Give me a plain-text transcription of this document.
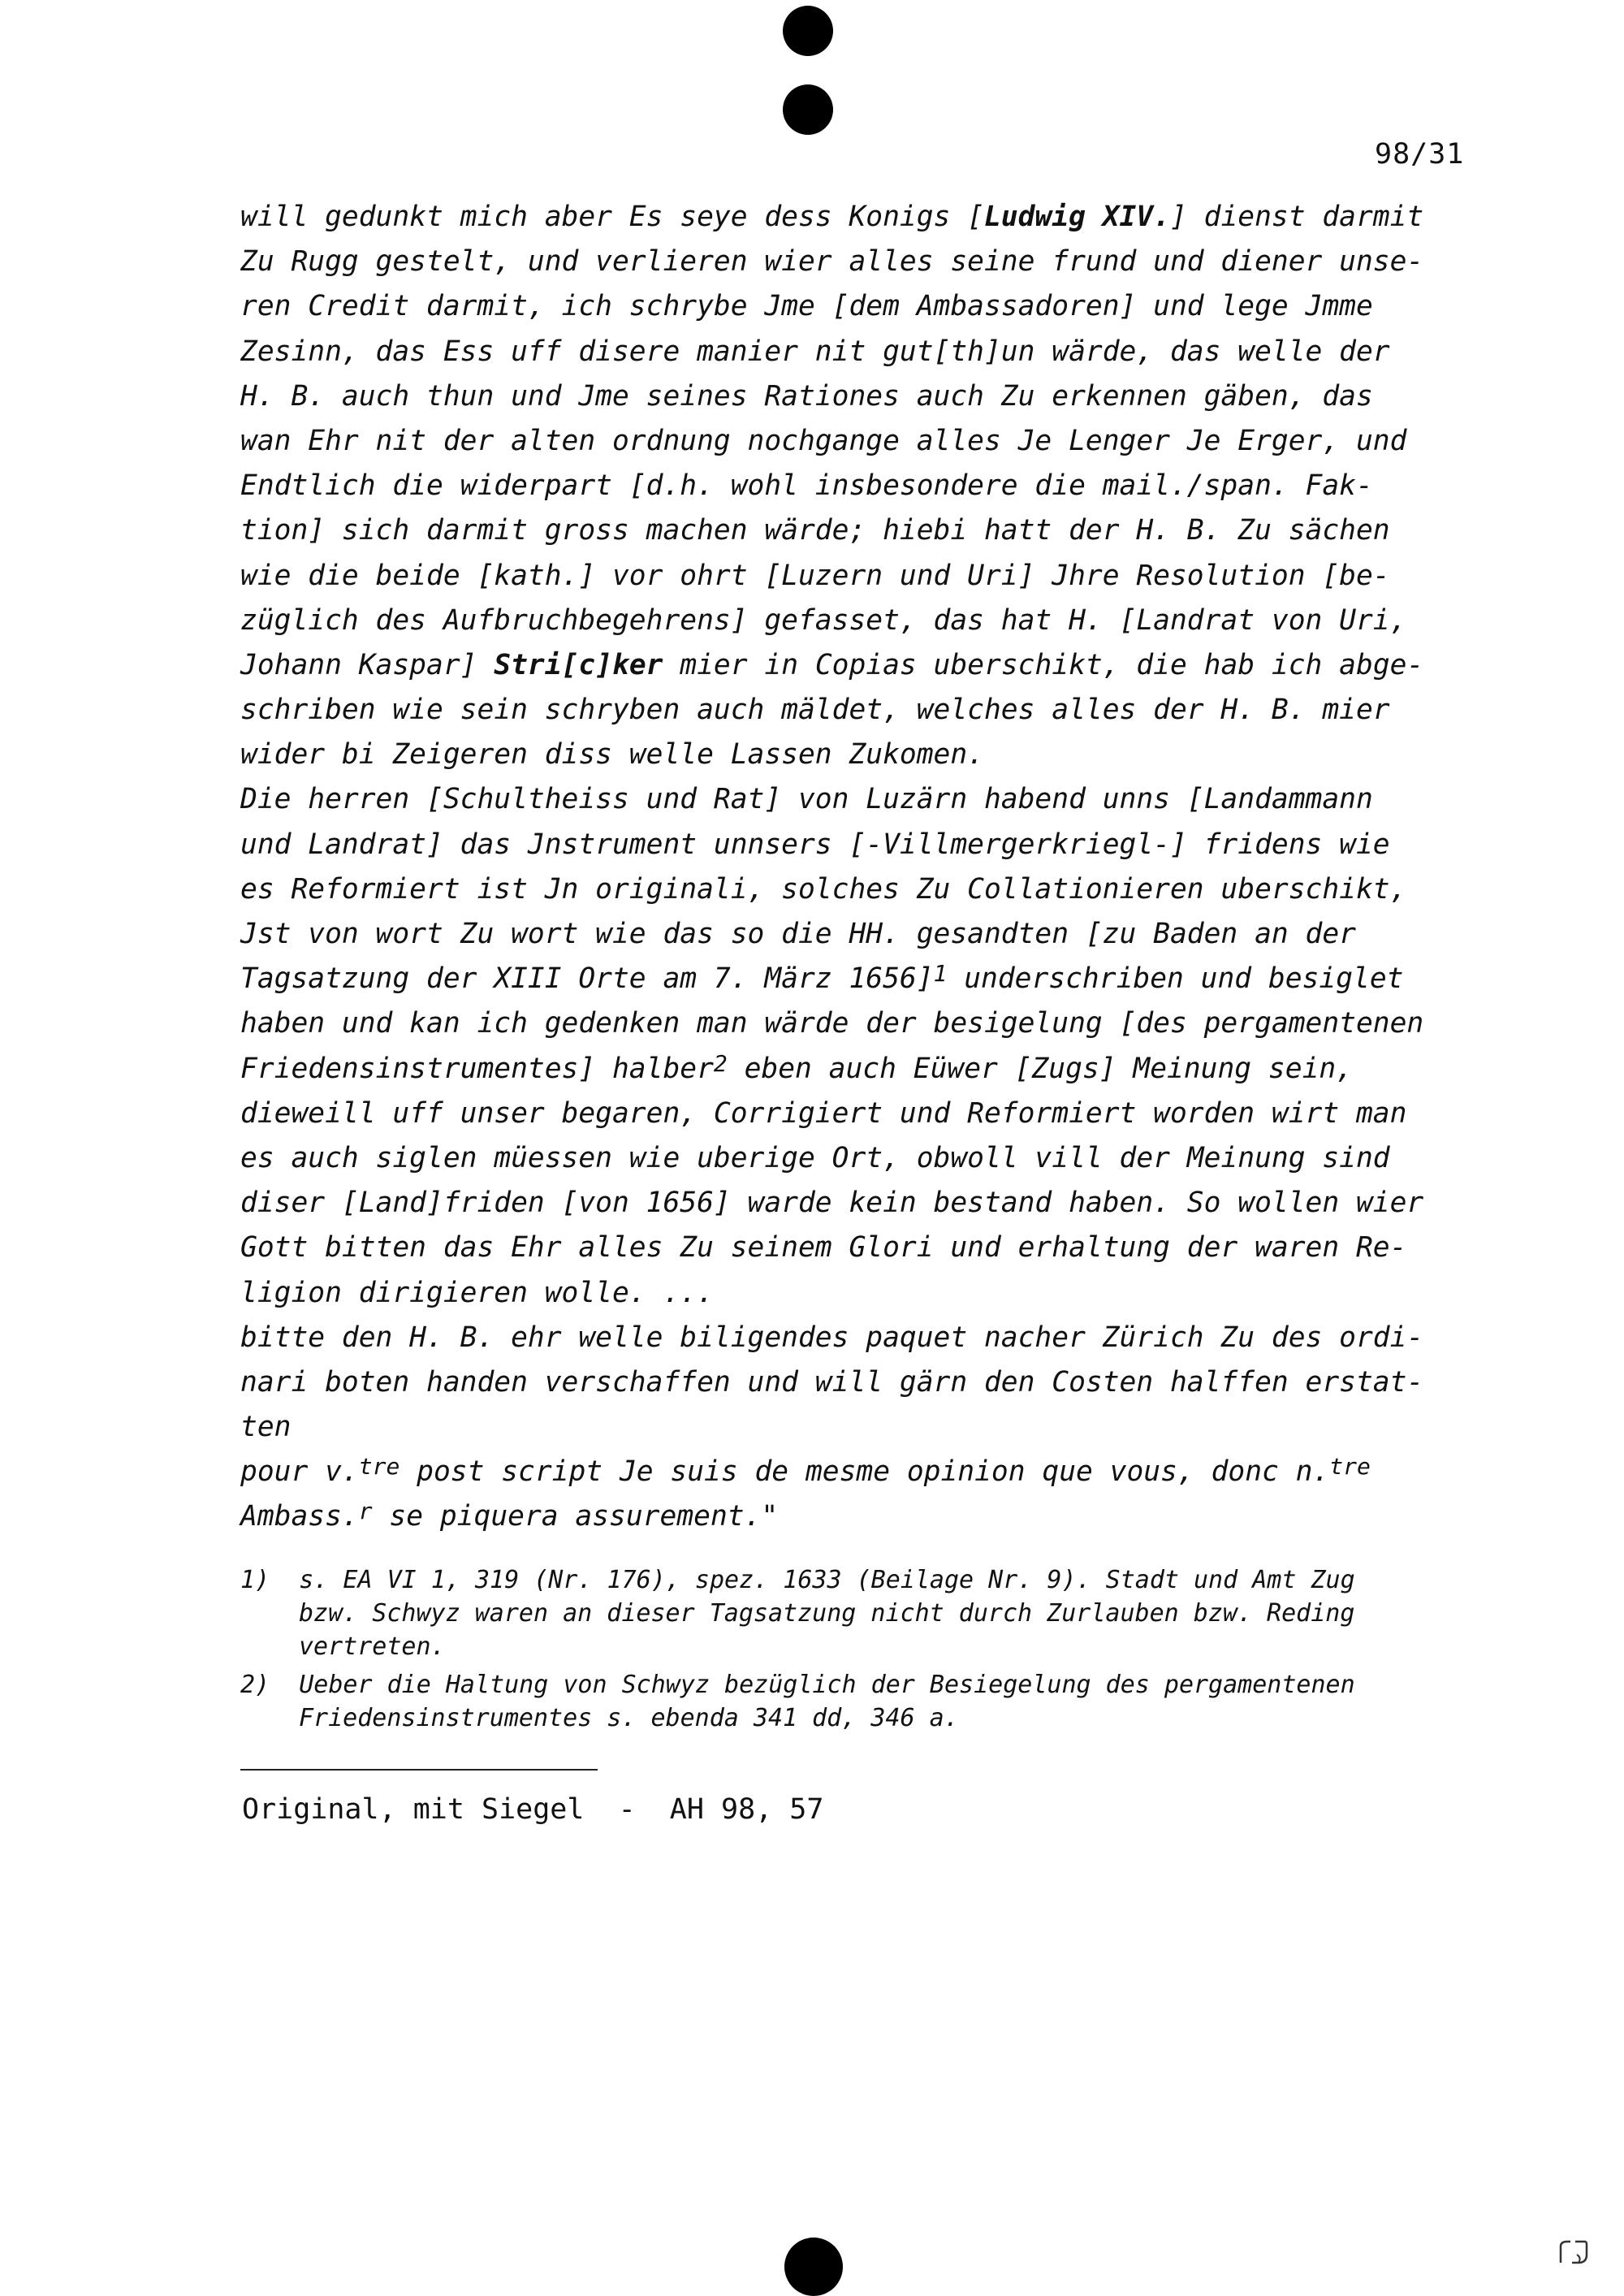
98/31
will gedunkt mich aber Es seye dess Konigs [Ludwig XIV.] dienst darmit
Zu Rugg gestelt, und verlieren wier alles seine frund und diener unse-
ren Credit darmit, ich schrybe Jme [dem Ambassadoren] und lege Jmme
Zesinn, das Ess uff disere manier nit gut[th]un wärde, das welle der
H. B. auch thun und Jme seines Rationes auch Zu erkennen gäben, das
wan Ehr nit der alten ordnung nochgange alles Je Lenger Je Erger, und
Endtlich die widerpart [d.h. wohl insbesondere die mail./span. Fak-
tion] sich darmit gross machen wärde; hiebi hatt der H. B. Zu sächen
wie die beide [kath.] vor ohrt [Luzern und Uri] Jhre Resolution [be-
züglich des Aufbruchbegehrens] gefasset, das hat H. [Landrat von Uri,
Johann Kaspar] Stri[c]ker mier in Copias uberschikt, die hab ich abge-
schriben wie sein schryben auch mäldet, welches alles der H. B. mier
wider bi Zeigeren diss welle Lassen Zukomen.
Die herren [Schultheiss und Rat] von Luzärn habend unns [Landammann
und Landrat] das Jnstrument unnsers [-Villmergerkriegl-] fridens wie
es Reformiert ist Jn originali, solches Zu Collationieren uberschikt,
Jst von wort Zu wort wie das so die HH. gesandten [zu Baden an der
Tagsatzung der XIII Orte am 7. März 1656]$^1$ underschriben und besiglet
haben und kan ich gedenken man wärde der besigelung [des pergamentenen
Friedensinstrumentes] halber$^2$ eben auch Eüwer [Zugs] Meinung sein,
dieweill uff unser begaren, Corrigiert und Reformiert worden wirt man
es auch siglen müessen wie uberige Ort, obwoll vill der Meinung sind
diser [Land]friden [von 1656] warde kein bestand haben. So wollen wier
Gott bitten das Ehr alles Zu seinem Glori und erhaltung der waren Re-
ligion dirigieren wolle. ...
bitte den H. B. ehr welle biligendes paquet nacher Zürich Zu des ordi-
nari boten handen verschaffen und will gärn den Costen halffen erstat-
ten
pour v.$^{tre}$ post script Je suis de mesme opinion que vous, donc n.$^{tre}$
Ambass.$^r$ se piquera assurement."
1)  s. EA VI 1, 319 (Nr. 176), spez. 1633 (Beilage Nr. 9). Stadt und Amt Zug
bzw. Schwyz waren an dieser Tagsatzung nicht durch Zurlauben bzw. Reding
vertreten.
2)  Ueber die Haltung von Schwyz bezüglich der Besiegelung des pergamentenen
Friedensinstrumentes s. ebenda 341 dd, 346 a.
Original, mit Siegel  -  AH 98, 57
